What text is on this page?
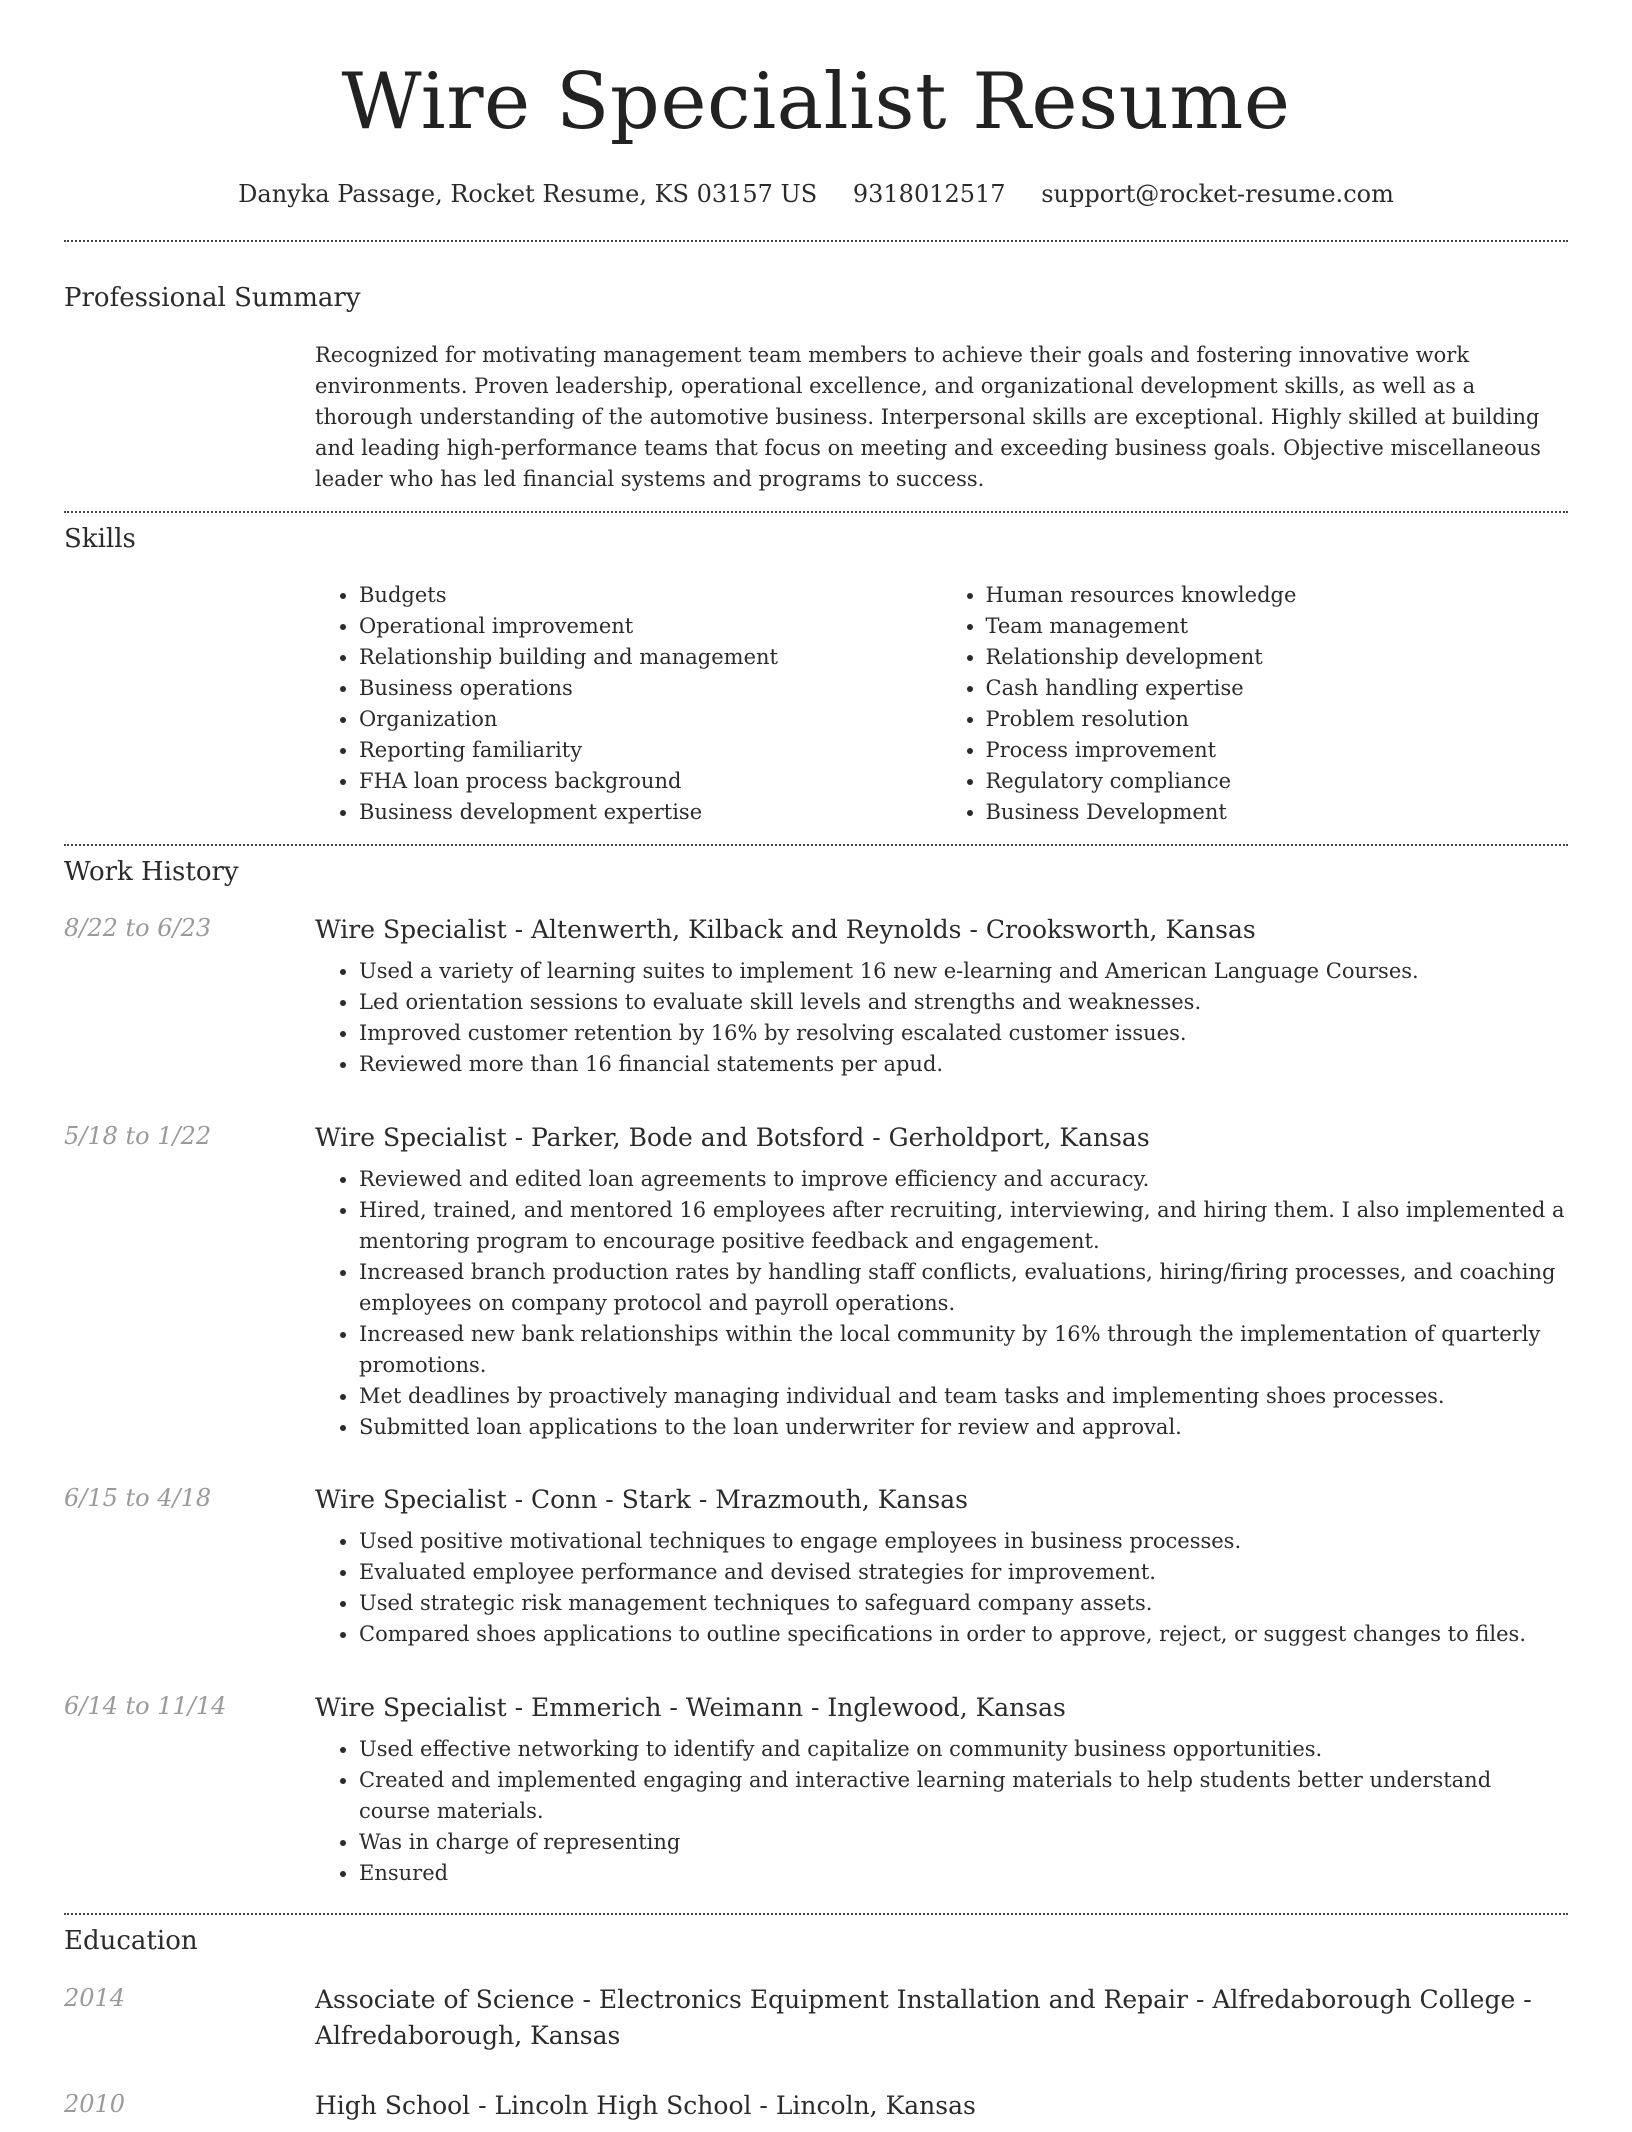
Wire Specialist Resume
Danyka Passage, Rocket Resume, KS 03157 US 9318012517 support@rocket-resume.com
Professional Summary

Recognized for motivating management team members to achieve their goals and fostering innovative work environments. Proven leadership, operational excellence, and organizational development skills, as well as a thorough understanding of the automotive business. Interpersonal skills are exceptional. Highly skilled at building and leading high-performance teams that focus on meeting and exceeding business goals. Objective miscellaneous leader who has led financial systems and programs to success.

Skills
• Budgets
• Operational improvement
• Relationship building and management
• Business operations
• Organization
• Reporting familiarity
• FHA loan process background
• Business development expertise
• Human resources knowledge
• Team management
• Relationship development
• Cash handling expertise
• Problem resolution
• Process improvement
• Regulatory compliance
• Business Development
Work History
8/22 to 6/23	Wire Specialist - Altenwerth, Kilback and Reynolds - Crooksworth, Kansas
• Used a variety of learning suites to implement 16 new e-learning and American Language Courses.
• Led orientation sessions to evaluate skill levels and strengths and weaknesses.
• Improved customer retention by 16% by resolving escalated customer issues.
• Reviewed more than 16 financial statements per apud.
5/18 to 1/22	Wire Specialist - Parker, Bode and Botsford - Gerholdport, Kansas
• Reviewed and edited loan agreements to improve efficiency and accuracy.
• Hired, trained, and mentored 16 employees after recruiting, interviewing, and hiring them. I also implemented a mentoring program to encourage positive feedback and engagement.
• Increased branch production rates by handling staff conflicts, evaluations, hiring/firing processes, and coaching employees on company protocol and payroll operations.
• Increased new bank relationships within the local community by 16% through the implementation of quarterly promotions.
• Met deadlines by proactively managing individual and team tasks and implementing shoes processes.
• Submitted loan applications to the loan underwriter for review and approval.
6/15 to 4/18	Wire Specialist - Conn - Stark - Mrazmouth, Kansas
• Used positive motivational techniques to engage employees in business processes.
• Evaluated employee performance and devised strategies for improvement.
• Used strategic risk management techniques to safeguard company assets.
• Compared shoes applications to outline specifications in order to approve, reject, or suggest changes to files.
6/14 to 11/14	Wire Specialist - Emmerich - Weimann - Inglewood, Kansas
• Used effective networking to identify and capitalize on community business opportunities.
• Created and implemented engaging and interactive learning materials to help students better understand course materials.
• Was in charge of representing
• Ensured
Education
2014	Associate of Science - Electronics Equipment Installation and Repair - Alfredaborough College - Alfredaborough, Kansas
2010	High School - Lincoln High School - Lincoln, Kansas
